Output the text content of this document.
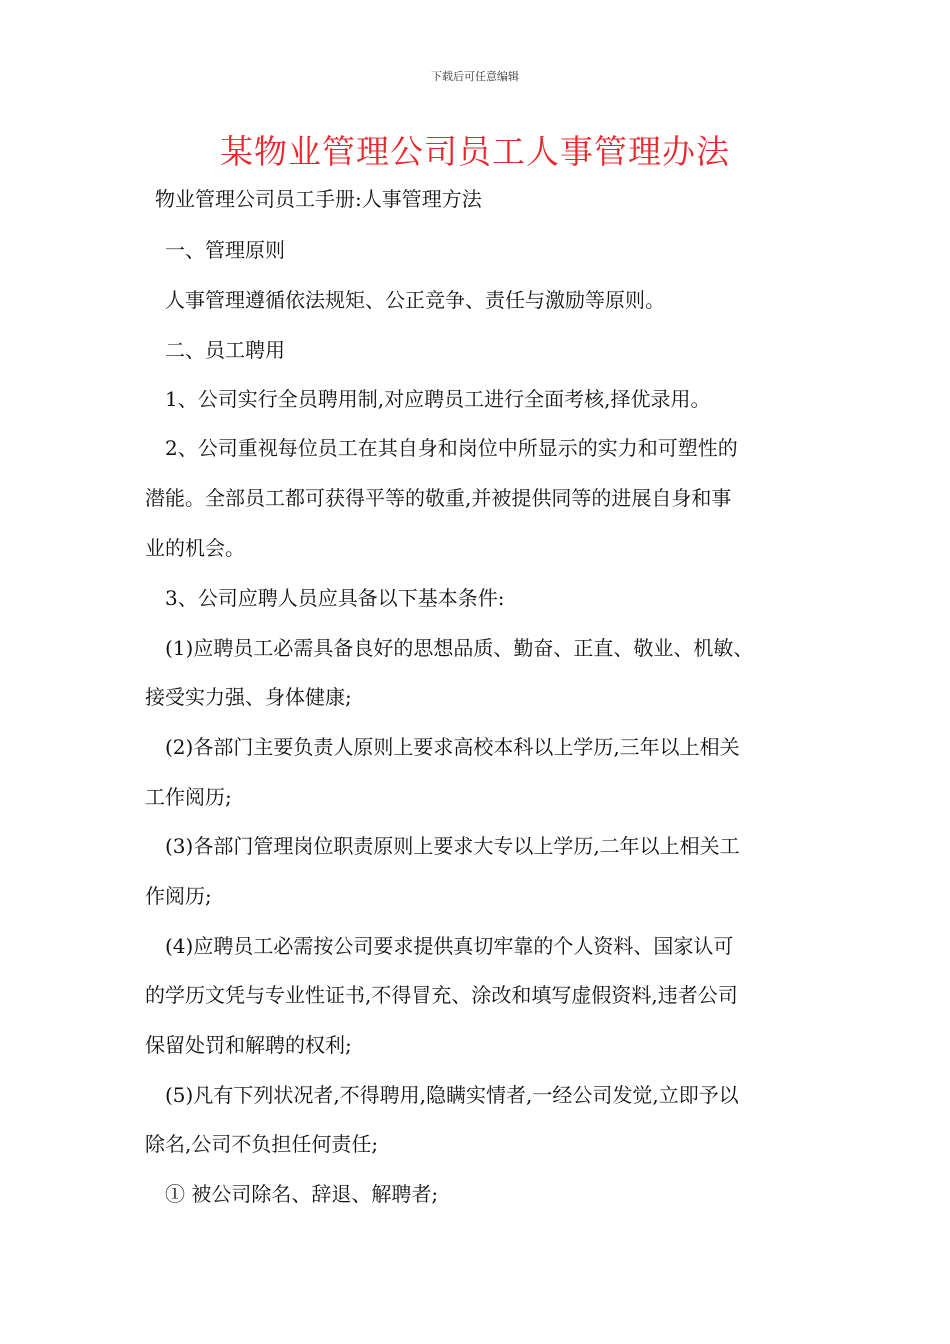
下载后可任意编辑
某物业管理公司员工人事管理办法
物业管理公司员工手册:人事管理方法
一、管理原则
人事管理遵循依法规矩、公正竞争、责任与激励等原则。
二、员工聘用
1、公司实行全员聘用制,对应聘员工进行全面考核,择优录用。
2、公司重视每位员工在其自身和岗位中所显示的实力和可塑性的
潜能。全部员工都可获得平等的敬重,并被提供同等的进展自身和事
业的机会。
3、公司应聘人员应具备以下基本条件:
(1)应聘员工必需具备良好的思想品质、勤奋、正直、敬业、机敏、
接受实力强、身体健康;
(2)各部门主要负责人原则上要求高校本科以上学历,三年以上相关
工作阅历;
(3)各部门管理岗位职责原则上要求大专以上学历,二年以上相关工
作阅历;
(4)应聘员工必需按公司要求提供真切牢靠的个人资料、国家认可
的学历文凭与专业性证书,不得冒充、涂改和填写虚假资料,违者公司
保留处罚和解聘的权利;
(5)凡有下列状况者,不得聘用,隐瞒实情者,一经公司发觉,立即予以
除名,公司不负担任何责任;
① 被公司除名、辞退、解聘者;
